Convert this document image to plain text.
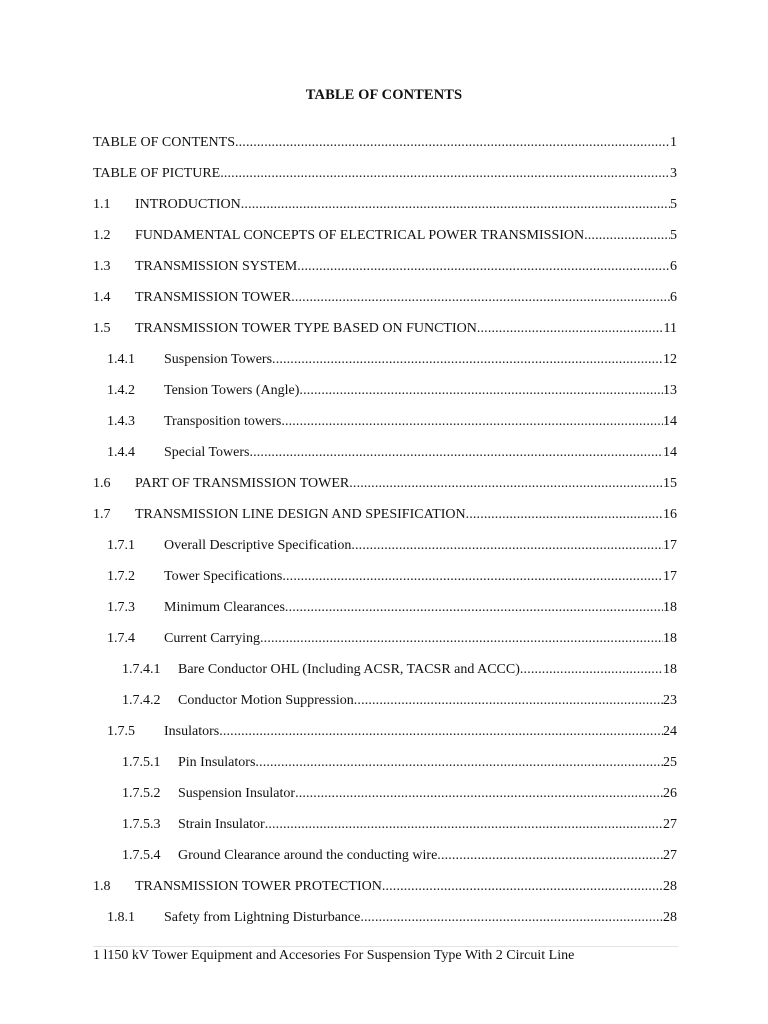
TABLE OF CONTENTS
TABLE OF CONTENTS .....	1
TABLE OF PICTURE .....	3
1.1	INTRODUCTION .....	5
1.2	FUNDAMENTAL CONCEPTS OF ELECTRICAL POWER TRANSMISSION .....	5
1.3	TRANSMISSION SYSTEM .....	6
1.4	TRANSMISSION TOWER .....	6
1.5	TRANSMISSION TOWER TYPE BASED ON FUNCTION .....	11
1.4.1	Suspension Towers .....	12
1.4.2	Tension Towers (Angle) .....	13
1.4.3	Transposition towers .....	14
1.4.4	Special Towers .....	14
1.6	PART OF TRANSMISSION TOWER .....	15
1.7	TRANSMISSION LINE DESIGN AND SPESIFICATION .....	16
1.7.1	Overall Descriptive Specification .....	17
1.7.2	Tower Specifications .....	17
1.7.3	Minimum Clearances .....	18
1.7.4	Current Carrying .....	18
1.7.4.1	Bare Conductor OHL (Including ACSR, TACSR and ACCC) .....	18
1.7.4.2	Conductor Motion Suppression .....	23
1.7.5	Insulators .....	24
1.7.5.1	Pin Insulators .....	25
1.7.5.2	Suspension Insulator .....	26
1.7.5.3	Strain Insulator .....	27
1.7.5.4	Ground Clearance around the conducting wire .....	27
1.8	TRANSMISSION TOWER PROTECTION .....	28
1.8.1	Safety from Lightning Disturbance .....	28
1 l150 kV Tower Equipment and Accesories For Suspension Type With 2 Circuit Line
